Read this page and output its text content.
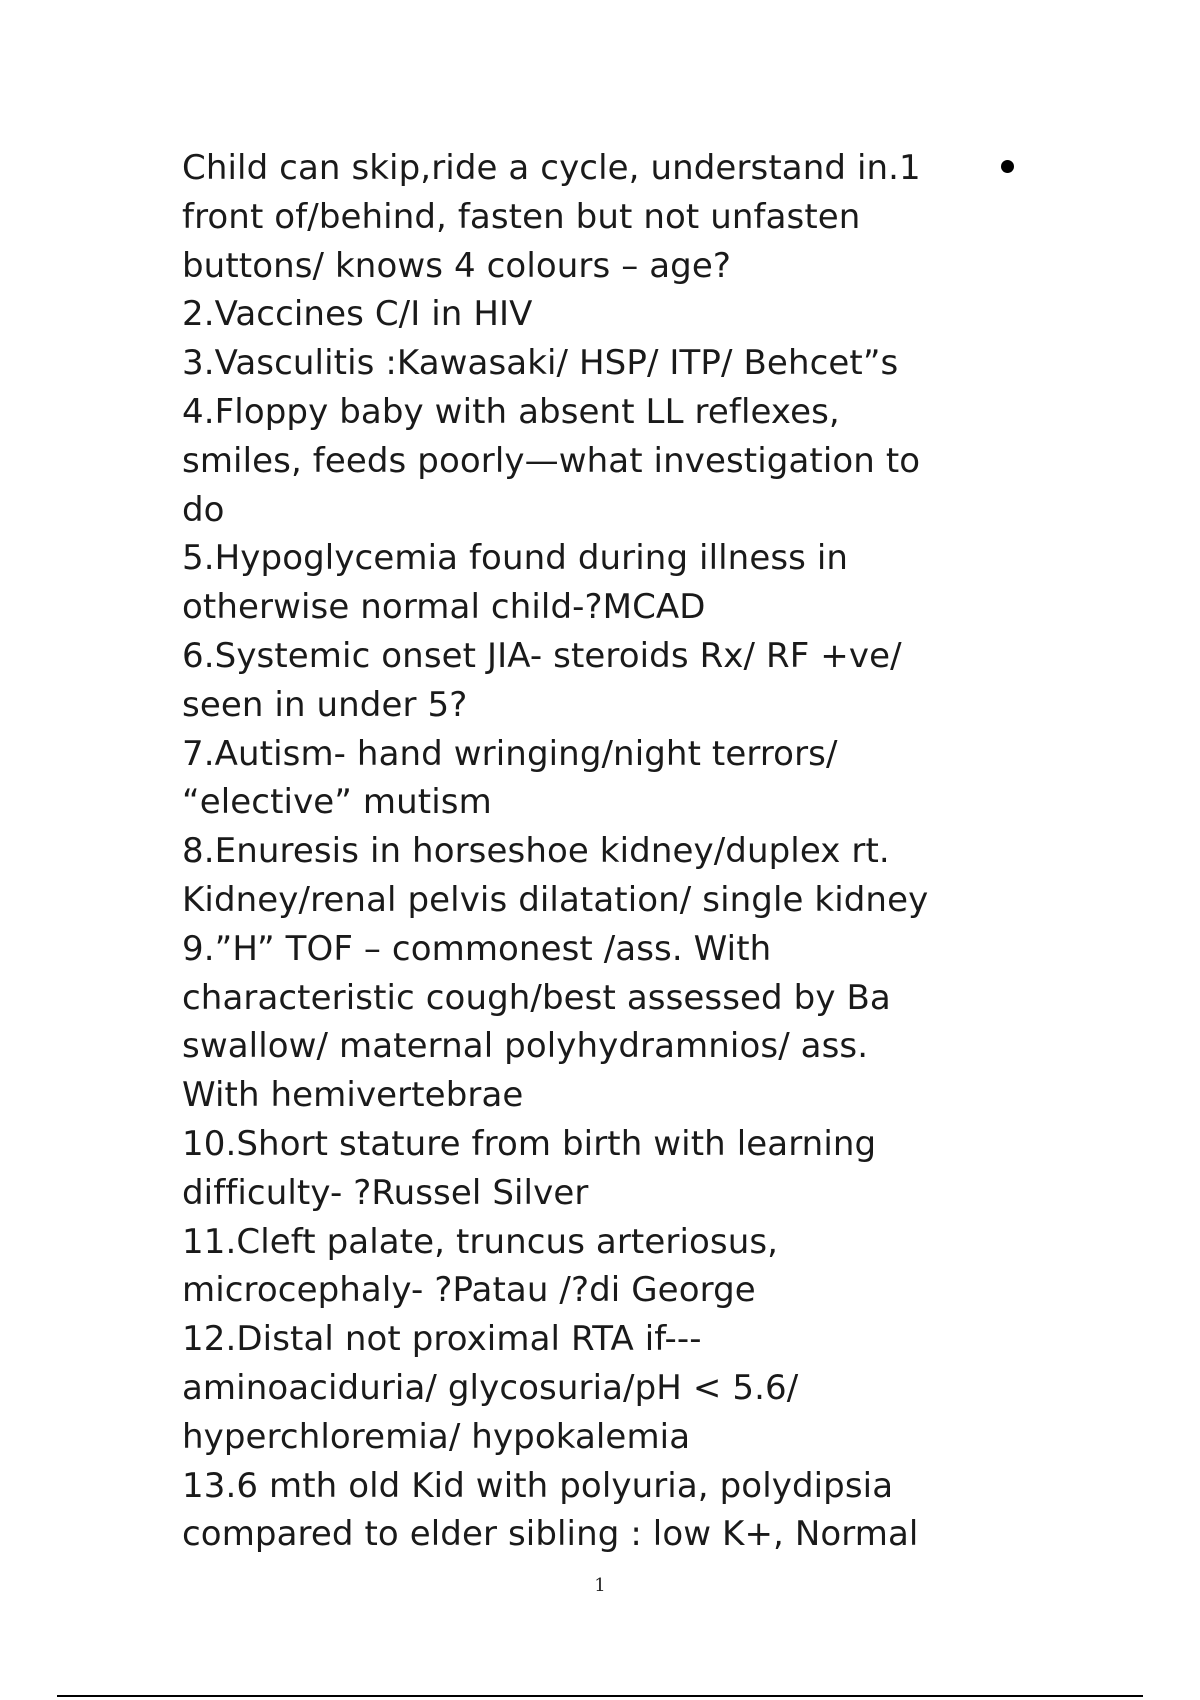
Child can skip,ride a cycle, understand in.1
front of/behind, fasten but not unfasten
buttons/ knows 4 colours – age?
2.Vaccines C/I in HIV
3.Vasculitis :Kawasaki/ HSP/ ITP/ Behcet”s
4.Floppy baby with absent LL reflexes,
smiles, feeds poorly—what investigation to
do
5.Hypoglycemia found during illness in
otherwise normal child-?MCAD
6.Systemic onset JIA- steroids Rx/ RF +ve/
seen in under 5?
7.Autism- hand wringing/night terrors/
“elective” mutism
8.Enuresis in horseshoe kidney/duplex rt.
Kidney/renal pelvis dilatation/ single kidney
9.”H” TOF – commonest /ass. With
characteristic cough/best assessed by Ba
swallow/ maternal polyhydramnios/ ass.
With hemivertebrae
10.Short stature from birth with learning
difficulty- ?Russel Silver
11.Cleft palate, truncus arteriosus,
microcephaly- ?Patau /?di George
12.Distal not proximal RTA if---
aminoaciduria/ glycosuria/pH < 5.6/
hyperchloremia/ hypokalemia
13.6 mth old Kid with polyuria, polydipsia
compared to elder sibling : low K+, Normal
1
